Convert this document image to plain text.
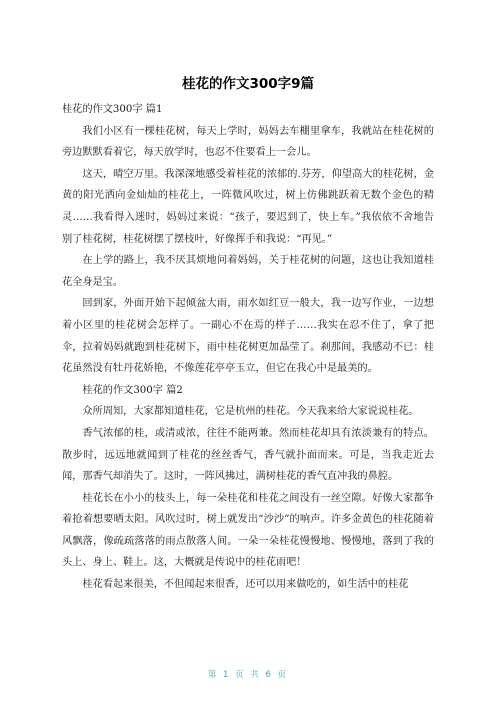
桂花的作文300字9篇

桂花的作文300字 篇1

我们小区有一棵桂花树，每天上学时，妈妈去车棚里拿车，我就站在桂花树的旁边默默看着它，每天放学时，也忍不住要看上一会儿。

这天，晴空万里。我深深地感受着桂花的浓郁的.芬芳，仰望高大的桂花树，金黄的阳光洒向金灿灿的桂花上，一阵微风吹过，树上仿佛跳跃着无数个金色的精灵……我看得入迷时，妈妈过来说：“孩子，要迟到了，快上车。”我依依不舍地告别了桂花树，桂花树摆了摆枝叶，好像挥手和我说：“再见。”

在上学的路上，我不厌其烦地问着妈妈，关于桂花树的问题，这也让我知道桂花全身是宝。

回到家，外面开始下起倾盆大雨，雨水如红豆一般大，我一边写作业，一边想着小区里的桂花树会怎样了。一副心不在焉的样子……我实在忍不住了，拿了把伞，拉着妈妈就跑到桂花树下，雨中桂花树更加晶莹了。刹那间，我感动不已：桂花虽然没有牡丹花娇艳，不像莲花亭亭玉立，但它在我心中是最美的。

桂花的作文300字 篇2

众所周知，大家都知道桂花，它是杭州的桂花。今天我来给大家说说桂花。

香气浓郁的桂，或清或浓，往往不能两兼。然而桂花却具有浓淡兼有的特点。散步时，远远地就闻到了桂花的丝丝香气，香气就扑面而来。可是，当我走近去闻，那香气却消失了。这时，一阵风拂过，满树桂花的香气直冲我的鼻腔。

桂花长在小小的枝头上，每一朵桂花和桂花之间没有一丝空隙。好像大家都争着抢着想要晒太阳。风吹过时，树上就发出“沙沙”的响声。许多金黄色的桂花随着风飘落，像疏疏落落的雨点散落人间。一朵一朵桂花慢慢地、慢慢地，落到了我的头上、身上、鞋上。这，大概就是传说中的桂花雨吧！

桂花看起来很美，不但闻起来很香，还可以用来做吃的，如生活中的桂花

第 1 页 共 6 页
